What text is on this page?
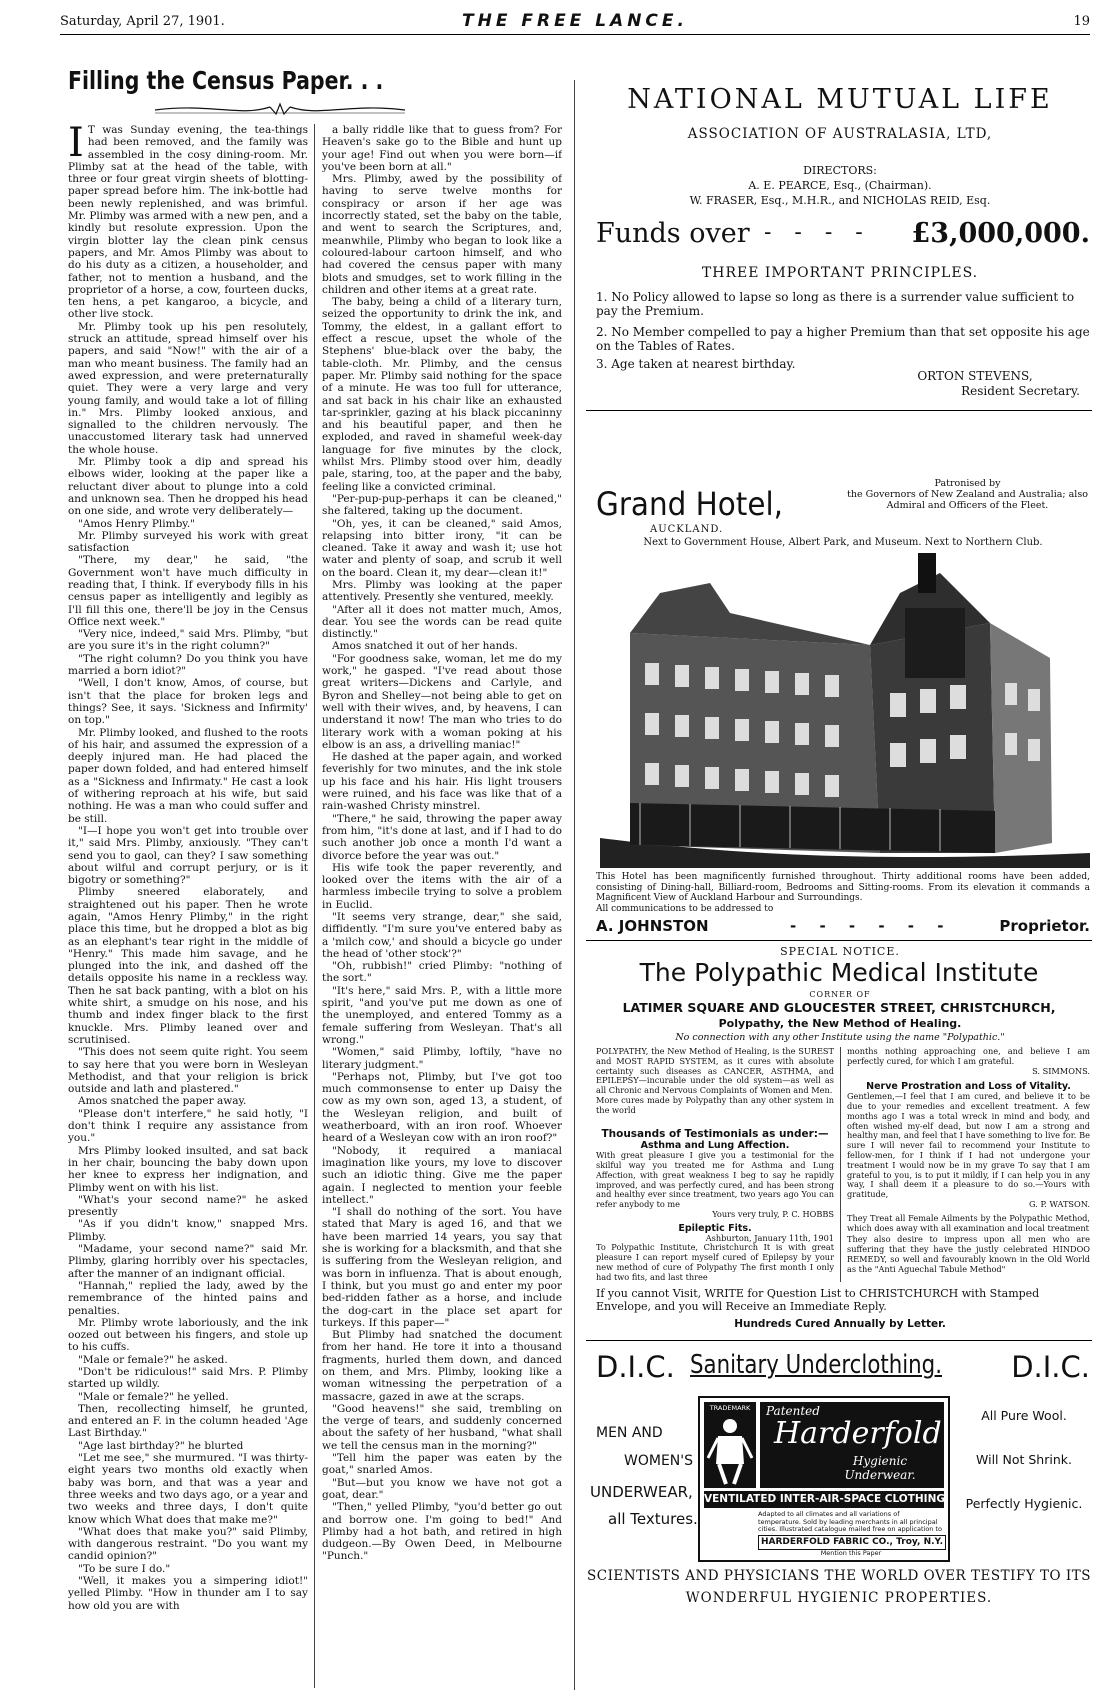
Saturday, April 27, 1901.	THE FREE LANCE.	19
Filling the Census Paper. . .

I T was Sunday evening, the tea-things had been removed, and the family was assembled in the cosy dining-room. Mr. Plimby sat at the head of the table, with three or four great virgin sheets of blotting-paper spread before him. The ink-bottle had been newly replenished, and was brimful. Mr. Plimby was armed with a new pen, and a kindly but resolute expression. Upon the virgin blotter lay the clean pink census papers, and Mr. Amos Plimby was about to do his duty as a citizen, a householder, and father, not to mention a husband, and the proprietor of a horse, a cow, fourteen ducks, ten hens, a pet kangaroo, a bicycle, and other live stock.

Mr. Plimby took up his pen resolutely, struck an attitude, spread himself over his papers, and said "Now!" with the air of a man who meant business. The family had an awed expression, and were preternaturally quiet. They were a very large and very young family, and would take a lot of filling in." Mrs. Plimby looked anxious, and signalled to the children nervously. The unaccustomed literary task had unnerved the whole house.

Mr. Plimby took a dip and spread his elbows wider, looking at the paper like a reluctant diver about to plunge into a cold and unknown sea. Then he dropped his head on one side, and wrote very deliberately—

"Amos Henry Plimby."

Mr. Plimby surveyed his work with great satisfaction

"There, my dear," he said, "the Government won't have much difficulty in reading that, I think. If everybody fills in his census paper as intelligently and legibly as I'll fill this one, there'll be joy in the Census Office next week."

"Very nice, indeed," said Mrs. Plimby, "but are you sure it's in the right column?"

"The right column? Do you think you have married a born idiot?"

"Well, I don't know, Amos, of course, but isn't that the place for broken legs and things? See, it says. 'Sickness and Infirmity' on top."

Mr. Plimby looked, and flushed to the roots of his hair, and assumed the expression of a deeply injured man. He had placed the paper down folded, and had entered himself as a "Sickness and Infirmaty." He cast a look of withering reproach at his wife, but said nothing. He was a man who could suffer and be still.

"I—I hope you won't get into trouble over it," said Mrs. Plimby, anxiously. "They can't send you to gaol, can they? I saw something about wilful and corrupt perjury, or is it bigotry or something?"

Plimby sneered elaborately, and straightened out his paper. Then he wrote again, "Amos Henry Plimby," in the right place this time, but he dropped a blot as big as an elephant's tear right in the middle of "Henry." This made him savage, and he plunged into the ink, and dashed off the details opposite his name in a reckless way. Then he sat back panting, with a blot on his white shirt, a smudge on his nose, and his thumb and index finger black to the first knuckle. Mrs. Plimby leaned over and scrutinised.

"This does not seem quite right. You seem to say here that you were born in Wesleyan Methodist, and that your religion is brick outside and lath and plastered."

Amos snatched the paper away.

"Please don't interfere," he said hotly, "I don't think I require any assistance from you."

Mrs Plimby looked insulted, and sat back in her chair, bouncing the baby down upon her knee to express her indignation, and Plimby went on with his list.

"What's your second name?" he asked presently

"As if you didn't know," snapped Mrs. Plimby.

"Madame, your second name?" said Mr. Plimby, glaring horribly over his spectacles, after the manner of an indignant official.

"Hannah," replied the lady, awed by the remembrance of the hinted pains and penalties.

Mr. Plimby wrote laboriously, and the ink oozed out between his fingers, and stole up to his cuffs.

"Male or female?" he asked.

"Don't be ridiculous!" said Mrs. P. Plimby started up wildly.

"Male or female?" he yelled.

Then, recollecting himself, he grunted, and entered an F. in the column headed 'Age Last Birthday."

"Age last birthday?" he blurted

"Let me see," she murmured. "I was thirty-eight years two months old exactly when baby was born, and that was a year and three weeks and two days ago, or a year and two weeks and three days, I don't quite know which What does that make me?"

"What does that make you?" said Plimby, with dangerous restraint. "Do you want my candid opinion?"

"To be sure I do."

"Well, it makes you a simpering idiot!" yelled Plimby. "How in thunder am I to say how old you are with

a bally riddle like that to guess from? For Heaven's sake go to the Bible and hunt up your age! Find out when you were born—if you've been born at all."

Mrs. Plimby, awed by the possibility of having to serve twelve months for conspiracy or arson if her age was incorrectly stated, set the baby on the table, and went to search the Scriptures, and, meanwhile, Plimby who began to look like a coloured-labour cartoon himself, and who had covered the census paper with many blots and smudges, set to work filling in the children and other items at a great rate.

The baby, being a child of a literary turn, seized the opportunity to drink the ink, and Tommy, the eldest, in a gallant effort to effect a rescue, upset the whole of the Stephens' blue-black over the baby, the table-cloth. Mr. Plimby, and the census paper. Mr. Plimby said nothing for the space of a minute. He was too full for utterance, and sat back in his chair like an exhausted tar-sprinkler, gazing at his black piccaninny and his beautiful paper, and then he exploded, and raved in shameful week-day language for five minutes by the clock, whilst Mrs. Plimby stood over him, deadly pale, staring, too, at the paper and the baby, feeling like a convicted criminal.

"Per-pup-pup-perhaps it can be cleaned," she faltered, taking up the document.

"Oh, yes, it can be cleaned," said Amos, relapsing into bitter irony, "it can be cleaned. Take it away and wash it; use hot water and plenty of soap, and scrub it well on the board. Clean it, my dear—clean it!"

Mrs. Plimby was looking at the paper attentively. Presently she ventured, meekly.

"After all it does not matter much, Amos, dear. You see the words can be read quite distinctly."

Amos snatched it out of her hands.

"For goodness sake, woman, let me do my work," he gasped. "I've read about those great writers—Dickens and Carlyle, and Byron and Shelley—not being able to get on well with their wives, and, by heavens, I can understand it now! The man who tries to do literary work with a woman poking at his elbow is an ass, a drivelling maniac!"

He dashed at the paper again, and worked feverishly for two minutes, and the ink stole up his face and his hair. His light trousers were ruined, and his face was like that of a rain-washed Christy minstrel.

"There," he said, throwing the paper away from him, "it's done at last, and if I had to do such another job once a month I'd want a divorce before the year was out."

His wife took the paper reverently, and looked over the items with the air of a harmless imbecile trying to solve a problem in Euclid.

"It seems very strange, dear," she said, diffidently. "I'm sure you've entered baby as a 'milch cow,' and should a bicycle go under the head of 'other stock'?"

"Oh, rubbish!" cried Plimby: "nothing of the sort."

"It's here," said Mrs. P., with a little more spirit, "and you've put me down as one of the unemployed, and entered Tommy as a female suffering from Wesleyan. That's all wrong."

"Women," said Plimby, loftily, "have no literary judgment."

"Perhaps not, Plimby, but I've got too much commonsense to enter up Daisy the cow as my own son, aged 13, a student, of the Wesleyan religion, and built of weatherboard, with an iron roof. Whoever heard of a Wesleyan cow with an iron roof?"

"Nobody, it required a maniacal imagination like yours, my love to discover such an idiotic thing. Give me the paper again. I neglected to mention your feeble intellect."

"I shall do nothing of the sort. You have stated that Mary is aged 16, and that we have been married 14 years, you say that she is working for a blacksmith, and that she is suffering from the Wesleyan religion, and was born in influenza. That is about enough, I think, but you must go and enter my poor bed-ridden father as a horse, and include the dog-cart in the place set apart for turkeys. If this paper—"

But Plimby had snatched the document from her hand. He tore it into a thousand fragments, hurled them down, and danced on them, and Mrs. Plimby, looking like a woman witnessing the perpetration of a massacre, gazed in awe at the scraps.

"Good heavens!" she said, trembling on the verge of tears, and suddenly concerned about the safety of her husband, "what shall we tell the census man in the morning?"

"Tell him the paper was eaten by the goat," snarled Amos.

"But—but you know we have not got a goat, dear."

"Then," yelled Plimby, "you'd better go out and borrow one. I'm going to bed!" And Plimby had a hot bath, and retired in high dudgeon.—By Owen Deed, in Melbourne "Punch."

NATIONAL MUTUAL LIFE
ASSOCIATION OF AUSTRALASIA, LTD,
DIRECTORS:
A. E. PEARCE, Esq., (Chairman).
W. FRASER, Esq., M.H.R., and NICHOLAS REID, Esq.
Funds over - - - - £3,000,000.
THREE IMPORTANT PRINCIPLES.
1. No Policy allowed to lapse so long as there is a surrender value sufficient to pay the Premium.
2. No Member compelled to pay a higher Premium than that set opposite his age on the Tables of Rates.
3. Age taken at nearest birthday.
ORTON STEVENS,
Resident Secretary.
Grand Hotel,
Patronised by
the Governors of New Zealand and Australia; also
Admiral and Officers of the Fleet.
AUCKLAND.
Next to Government House, Albert Park, and Museum. Next to Northern Club.
This Hotel has been magnificently furnished throughout. Thirty additional rooms have been added, consisting of Dining-hall, Billiard-room, Bedrooms and Sitting-rooms. From its elevation it commands a Magnificent View of Auckland Harbour and Surroundings.
All communications to be addressed to
A. JOHNSTON	- - - - - -	Proprietor.
SPECIAL NOTICE.
The Polypathic Medical Institute
CORNER OF
LATIMER SQUARE AND GLOUCESTER STREET, CHRISTCHURCH,
Polypathy, the New Method of Healing.
No connection with any other Institute using the name "Polypathic."
POLYPATHY, the New Method of Healing, is the SUREST and MOST RAPID SYSTEM, as it cures with absolute certainty such diseases as CANCER, ASTHMA, and EPILEPSY—incurable under the old system—as well as all Chronic and Nervous Complaints of Women and Men.
More cures made by Polypathy than any other system in the world
Thousands of Testimonials as under:—
Asthma and Lung Affection.
With great pleasure I give you a testimonial for the skilful way you treated me for Asthma and Lung Affection, with great weakness I beg to say he rapidly improved, and was perfectly cured, and has been strong and healthy ever since treatment, two years ago You can refer anybody to me
Yours very truly, P. C. HOBBS
Epileptic Fits.
Ashburton, January 11th, 1901
To Polypathic Institute, Christchurch It is with great pleasure I can report myself cured of Epilepsy by your new method of cure of Polypathy The first month I only had two fits, and last three
months nothing approaching one, and believe I am perfectly cured, for which I am grateful.
S. SIMMONS.
Nerve Prostration and Loss of Vitality.
Gentlemen,—I feel that I am cured, and believe it to be due to your remedies and excellent treatment. A few months ago I was a total wreck in mind and body, and often wished my-elf dead, but now I am a strong and healthy man, and feel that I have something to live for. Be sure I will never fail to recommend your Institute to fellow-men, for I think if I had not undergone your treatment I would now be in my grave To say that I am grateful to you, is to put it mildly, if I can help you in any way, I shall deem it a pleasure to do so.—Yours with gratitude,
G. P. WATSON.
They Treat all Female Ailments by the Polypathic Method, which does away with all examination and local treatment
They also desire to impress upon all men who are suffering that they have the justly celebrated HINDOO REMEDY, so well and favourably known in the Old World as the "Anti Aguechal Tabule Method"
If you cannot Visit, WRITE for Question List to CHRISTCHURCH with Stamped Envelope, and you will Receive an Immediate Reply.
Hundreds Cured Annually by Letter.
D.I.C. Sanitary Underclothing.	D.I.C.
MEN AND
WOMEN'S
UNDERWEAR,
all Textures.
TRADEMARK	Patented
Harderfold's
Hygienic Underwear.
VENTILATED INTER-AIR-SPACE CLOTHING.
Adapted to all climates and all variations of temperature. Sold by leading merchants in all principal cities. Illustrated catalogue mailed free on application to
HARDERFOLD FABRIC CO., Troy, N.Y.
Mention this Paper
All Pure Wool.
Will Not Shrink.
Perfectly Hygienic.
SCIENTISTS AND PHYSICIANS THE WORLD OVER TESTIFY TO ITS
WONDERFUL HYGIENIC PROPERTIES.
